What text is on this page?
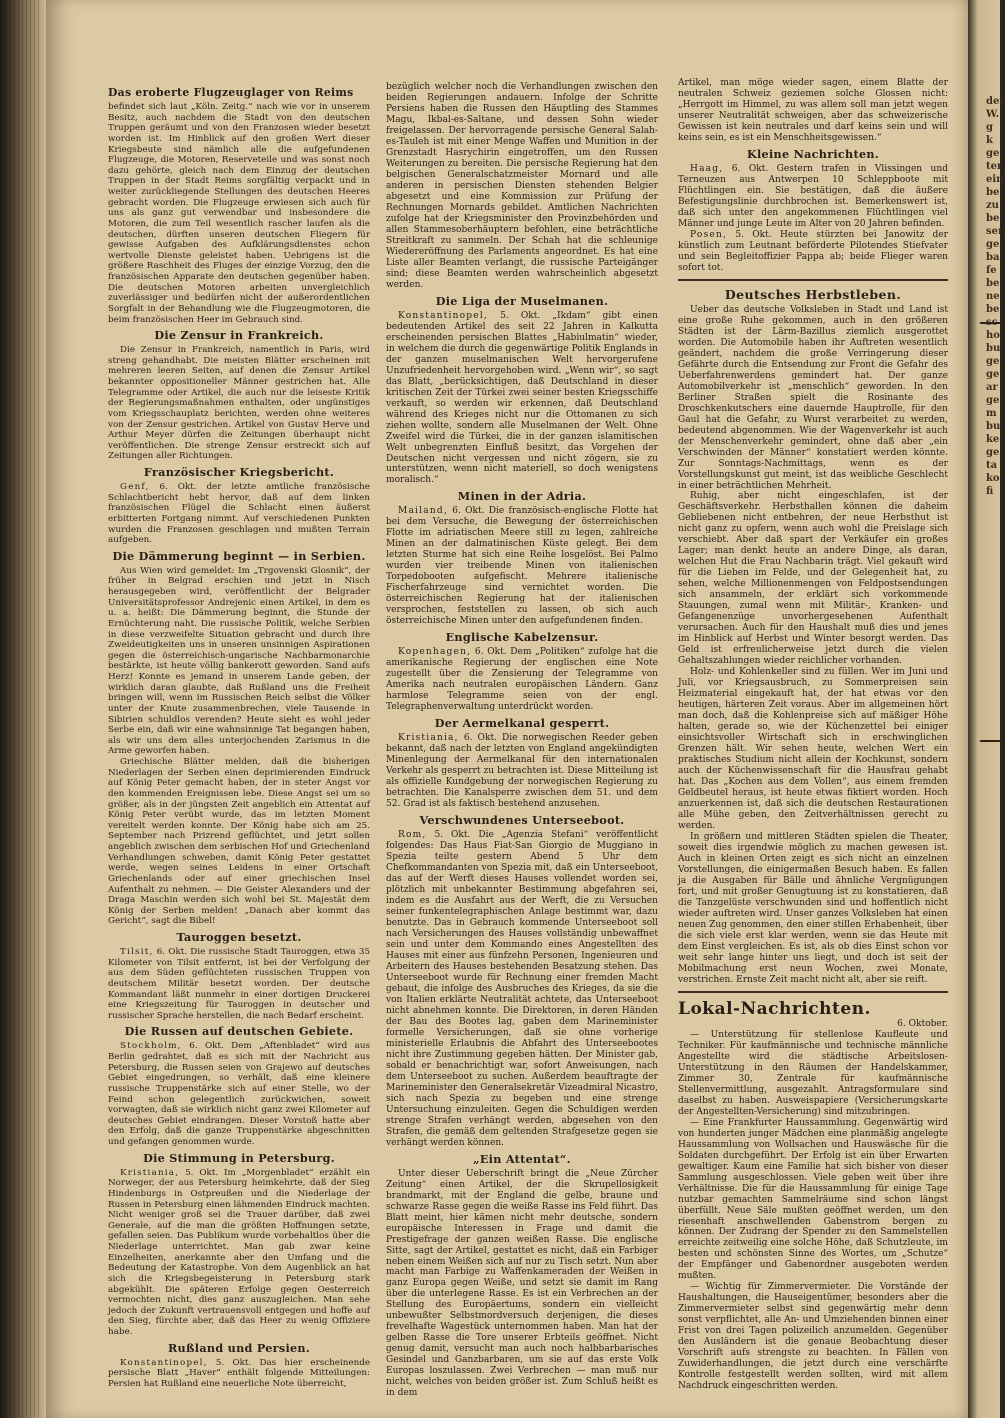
der W. g k ge ter ein be zu be ser ge ba fe be ne be ho bu ge ge ar ge m bu ke ge ta ko fi
Das eroberte Flugzeuglager von Reims

befindet sich laut „Köln. Zeitg.“ nach wie vor in unserem Besitz, auch nachdem die Stadt von den deutschen Truppen geräumt und von den Franzosen wieder besetzt worden ist. Im Hinblick auf den großen Wert dieser Kriegsbeute sind nämlich alle die aufgefundenen Flugzeuge, die Motoren, Reserveteile und was sonst noch dazu gehörte, gleich nach dem Einzug der deutschen Truppen in der Stadt Reims sorgfältig verpackt und in weiter zurückliegende Stellungen des deutschen Heeres gebracht worden. Die Flugzeuge erwiesen sich auch für uns als ganz gut verwendbar und insbesondere die Motoren, die zum Teil wesentlich rascher laufen als die deutschen, dürften unseren deutschen Fliegern für gewisse Aufgaben des Aufklärungsdienstes schon wertvolle Dienste geleistet haben. Uebrigens ist die größere Raschheit des Fluges der einzige Vorzug, den die französischen Apparate den deutschen gegenüber haben. Die deutschen Motoren arbeiten unvergleichlich zuverlässiger und bedürfen nicht der außerordentlichen Sorgfalt in der Behandlung wie die Flugzeugmotoren, die beim französischen Heer im Gebrauch sind.

Die Zensur in Frankreich.

Die Zensur in Frankreich, namentlich in Paris, wird streng gehandhabt. Die meisten Blätter erscheinen mit mehreren leeren Seiten, auf denen die Zensur Artikel bekannter oppositioneller Männer gestrichen hat. Alle Telegramme oder Artikel, die auch nur die leiseste Kritik der Regierungsmaßnahmen enthalten, oder ungünstiges vom Kriegsschauplatz berichten, werden ohne weiteres von der Zensur gestrichen. Artikel von Gustav Herve und Arthur Meyer dürfen die Zeitungen überhaupt nicht veröffentlichen. Die strenge Zensur erstreckt sich auf Zeitungen aller Richtungen.

Französischer Kriegsbericht.

Genf, 6. Okt. der letzte amtliche französische Schlachtbericht hebt hervor, daß auf dem linken französischen Flügel die Schlacht einen äußerst erbitterten Fortgang nimmt. Auf verschiedenen Punkten wurden die Franzosen geschlagen und mußten Terrain aufgeben.

Die Dämmerung beginnt — in Serbien.

Aus Wien wird gemeldet: Im „Trgovenski Glosnik“, der früher in Belgrad erschien und jetzt in Nisch herausgegeben wird, veröffentlicht der Belgrader Universitätsprofessor Andrejenic einen Artikel, in dem es u. a. heißt: Die Dämmerung beginnt, die Stunde der Ernüchterung naht. Die russische Politik, welche Serbien in diese verzweifelte Situation gebracht und durch ihre Zweideutigkeiten uns in unseren unsinnigen Aspirationen gegen die österreichisch-ungarische Nachbarmonarchie bestärkte, ist heute völlig bankerott geworden. Sand aufs Herz! Konnte es jemand in unserem Lande geben, der wirklich daran glaubte, daß Rußland uns die Freiheit bringen will, wenn im Russischen Reich selbst die Völker unter der Knute zusammenbrechen, viele Tausende in Sibirien schuldlos verenden? Heute sieht es wohl jeder Serbe ein, daß wir eine wahnsinnige Tat begangen haben, als wir uns dem alles unterjochenden Zarismus in die Arme geworfen haben.

Griechische Blätter melden, daß die bisherigen Niederlagen der Serben einen deprimierenden Eindruck auf König Peter gemacht haben, der in steter Angst vor den kommenden Ereignissen lebe. Diese Angst sei um so größer, als in der jüngsten Zeit angeblich ein Attentat auf König Peter verübt wurde, das im letzten Moment vereitelt werden konnte. Der König habe sich am 25. September nach Prizrend geflüchtet, und jetzt sollen angeblich zwischen dem serbischen Hof und Griechenland Verhandlungen schweben, damit König Peter gestattet werde, wegen seines Leidens in einer Ortschaft Griechenlands oder auf einer griechischen Insel Aufenthalt zu nehmen. — Die Geister Alexanders und der Draga Maschin werden sich wohl bei St. Majestät dem König der Serben melden! „Danach aber kommt das Gericht“, sagt die Bibel!

Tauroggen besetzt.

Tilsit, 6. Okt. Die russische Stadt Tauroggen, etwa 35 Kilometer von Tilsit entfernt, ist bei der Verfolgung der aus dem Süden geflüchteten russischen Truppen von deutschem Militär besetzt worden. Der deutsche Kommandant läßt nunmehr in einer dortigen Druckerei eine Kriegszeitung für Tauroggen in deutscher und russischer Sprache herstellen, die nach Bedarf erscheint.

Die Russen auf deutschen Gebiete.

Stockholm, 6. Okt. Dem „Aftenbladet“ wird aus Berlin gedrahtet, daß es sich mit der Nachricht aus Petersburg, die Russen seien von Grajewo auf deutsches Gebiet eingedrungen, so verhält, daß eine kleinere russische Truppenstärke sich auf einer Stelle, wo der Feind schon gelegentlich zurückwichen, soweit vorwagten, daß sie wirklich nicht ganz zwei Kilometer auf deutsches Gebiet eindrangen. Dieser Vorstoß hatte aber den Erfolg, daß die ganze Truppenstärke abgeschnitten und gefangen genommen wurde.

Die Stimmung in Petersburg.

Kristiania, 5. Okt. Im „Morgenbladet“ erzählt ein Norweger, der aus Petersburg heimkehrte, daß der Sieg Hindenburgs in Ostpreußen und die Niederlage der Russen in Petersburg einen lähmenden Eindruck machten. Nicht weniger groß sei die Trauer darüber, daß zwei Generale, auf die man die größten Hoffnungen setzte, gefallen seien. Das Publikum wurde vorbehaltlos über die Niederlage unterrichtet. Man gab zwar keine Einzelheiten, anerkannte aber den Umfang und die Bedeutung der Katastrophe. Von dem Augenblick an hat sich die Kriegsbegeisterung in Petersburg stark abgekühlt. Die späteren Erfolge gegen Oesterreich vermochten nicht, dies ganz auszugleichen. Man sehe jedoch der Zukunft vertrauensvoll entgegen und hoffe auf den Sieg, fürchte aber, daß das Heer zu wenig Offiziere habe.

Rußland und Persien.

Konstantinopel, 5. Okt. Das hier erscheinende persische Blatt „Haver“ enthält folgende Mitteilungen: Persien hat Rußland eine neuerliche Note überreicht,

bezüglich welcher noch die Verhandlungen zwischen den beiden Regierungen andauern. Infolge der Schritte Persiens haben die Russen den Häuptling des Stammes Magu, Ikbal-es-Saltane, und dessen Sohn wieder freigelassen. Der hervorragende persische General Salah-es-Tauleh ist mit einer Menge Waffen und Munition in der Grenzstadt Hasrychirin eingetroffen, um den Russen Weiterungen zu bereiten. Die persische Regierung hat den belgischen Generalschatzmeister Mornard und alle anderen in persischen Diensten stehenden Belgier abgesetzt und eine Kommission zur Prüfung der Rechnungen Mornards gebildet. Amtlichen Nachrichten zufolge hat der Kriegsminister den Provinzbehörden und allen Stammesoberhäuptern befohlen, eine beträchtliche Streitkraft zu sammeln. Der Schah hat die schleunige Wiedereröffnung des Parlaments angeordnet. Es hat eine Liste aller Beamten verlangt, die russische Parteigänger sind; diese Beamten werden wahrscheinlich abgesetzt werden.

Die Liga der Muselmanen.

Konstantinopel, 5. Okt. „Ikdam“ gibt einen bedeutenden Artikel des seit 22 Jahren in Kalkutta erscheinenden persischen Blattes „Habiulmatin“ wieder, in welchem die durch die gegenwärtige Politik Englands in der ganzen muselmanischen Welt hervorgerufene Unzufriedenheit hervorgehoben wird. „Wenn wir“, so sagt das Blatt, „berücksichtigen, daß Deutschland in dieser kritischen Zeit der Türkei zwei seiner besten Kriegsschiffe verkauft, so werden wir erkennen, daß Deutschland während des Krieges nicht nur die Ottomanen zu sich ziehen wollte, sondern alle Muselmanen der Welt. Ohne Zweifel wird die Türkei, die in der ganzen islamitischen Welt unbegrenzten Einfluß besitzt, das Vorgehen der Deutschen nicht vergessen und nicht zögern, sie zu unterstützen, wenn nicht materiell, so doch wenigstens moralisch.“

Minen in der Adria.

Mailand, 6. Okt. Die französisch-englische Flotte hat bei dem Versuche, die Bewegung der österreichischen Flotte im adriatischen Meere still zu legen, zahlreiche Minen an der dalmatinischen Küste gelegt. Bei dem letzten Sturme hat sich eine Reihe losgelöst. Bei Palmo wurden vier treibende Minen von italienischen Torpedobooten aufgefischt. Mehrere italienische Fischerfahrzeuge sind vernichtet worden. Die österreichischen Regierung hat der italienischen versprochen, feststellen zu lassen, ob sich auch österreichische Minen unter den aufgefundenen finden.

Englische Kabelzensur.

Kopenhagen, 6. Okt. Dem „Politiken“ zufolge hat die amerikanische Regierung der englischen eine Note zugestellt über die Zensierung der Telegramme von Amerika nach neutralen europäischen Ländern. Ganz harmlose Telegramme seien von der engl. Telegraphenverwaltung unterdrückt worden.

Der Aermelkanal gesperrt.

Kristiania, 6. Okt. Die norwegischen Reeder geben bekannt, daß nach der letzten von England angekündigten Minenlegung der Aermelkanal für den internationalen Verkehr als gesperrt zu betrachten ist. Diese Mitteilung ist als offizielle Kundgebung der norwegischen Regierung zu betrachten. Die Kanalsperre zwischen dem 51. und dem 52. Grad ist als faktisch bestehend anzusehen.

Verschwundenes Unterseeboot.

Rom, 5. Okt. Die „Agenzia Stefani“ veröffentlicht folgendes: Das Haus Fiat-San Giorgio de Muggiano in Spezia teilte gestern Abend 5 Uhr dem Chefkommandanten von Spezia mit, daß ein Unterseeboot, das auf der Werft dieses Hauses vollendet worden sei, plötzlich mit unbekannter Bestimmung abgefahren sei, indem es die Ausfahrt aus der Werft, die zu Versuchen seiner funkentelegraphischen Anlage bestimmt war, dazu benutzte. Das in Gebrauch kommende Unterseeboot soll nach Versicherungen des Hauses vollständig unbewaffnet sein und unter dem Kommando eines Angestellten des Hauses mit einer aus fünfzehn Personen, Ingenieuren und Arbeitern des Hauses bestehenden Besatzung stehen. Das Unterseeboot wurde für Rechnung einer fremden Macht gebaut, die infolge des Ausbruches des Krieges, da sie die von Italien erklärte Neutralität achtete, das Unterseeboot nicht abnehmen konnte. Die Direktoren, in deren Händen der Bau des Bootes lag, gaben dem Marineminister formelle Versicherungen, daß sie ohne vorherige ministerielle Erlaubnis die Abfahrt des Unterseebootes nicht ihre Zustimmung gegeben hätten. Der Minister gab, sobald er benachrichtigt war, sofort Anweisungen, nach dem Unterseeboot zu suchen. Außerdem beauftragte der Marineminister den Generalsekretär Vizeadmiral Nicastro, sich nach Spezia zu begeben und eine strenge Untersuchung einzuleiten. Gegen die Schuldigen werden strenge Strafen verhängt werden, abgesehen von den Strafen, die gemäß dem geltenden Strafgesetze gegen sie verhängt werden können.

„Ein Attentat“.

Unter dieser Ueberschrift bringt die „Neue Zürcher Zeitung“ einen Artikel, der die Skrupellosigkeit brandmarkt, mit der England die gelbe, braune und schwarze Rasse gegen die weiße Rasse ins Feld führt. Das Blatt meint, hier kämen nicht mehr deutsche, sondern europäische Interessen in Frage und damit die Prestigefrage der ganzen weißen Rasse. Die englische Sitte, sagt der Artikel, gestattet es nicht, daß ein Farbiger neben einem Weißen sich auf nur zu Tisch setzt. Nun aber macht man Farbige zu Waffenkameraden der Weißen in ganz Europa gegen Weiße, und setzt sie damit im Rang über die unterlegene Rasse. Es ist ein Verbrechen an der Stellung des Europäertums, sondern ein vielleicht unbewußter Selbstmordversuch derjenigen, die dieses frevelhafte Wagestück unternommen haben. Man hat der gelben Rasse die Tore unserer Erbteils geöffnet. Nicht genug damit, versucht man auch noch halbbarbarisches Gesindel und Ganzbarbaren, um sie auf das erste Volk Europas loszulassen. Zwei Verbrechen — man muß nur nicht, welches von beiden größer ist. Zum Schluß heißt es in dem

Artikel, man möge wieder sagen, einem Blatte der neutralen Schweiz geziemen solche Glossen nicht: „Herrgott im Himmel, zu was allem soll man jetzt wegen unserer Neutralität schweigen, aber das schweizerische Gewissen ist kein neutrales und darf keins sein und will keins sein, es ist ein Menschheitsgewissen.“

Kleine Nachrichten.

Haag, 6. Okt. Gestern trafen in Vlissingen und Terneuzen aus Antwerpen 10 Schleppboote mit Flüchtlingen ein. Sie bestätigen, daß die äußere Befestigungslinie durchbrochen ist. Bemerkenswert ist, daß sich unter den angekommenen Flüchtlingen viel Männer und junge Leute im Alter von 20 Jahren befinden.

Posen, 5. Okt. Heute stürzten bei Janowitz der künstlich zum Leutnant beförderte Pilotendes Stiefvater und sein Begleitoffizier Pappa ab; beide Flieger waren sofort tot.

Deutsches Herbstleben.

Ueber das deutsche Volksleben in Stadt und Land ist eine große Ruhe gekommen, auch in den größeren Städten ist der Lärm-Bazillus ziemlich ausgerottet worden. Die Automobile haben ihr Auftreten wesentlich geändert, nachdem die große Verringerung dieser Gefährte durch die Entsendung zur Front die Gefahr des Ueberfahrenwerdens gemindert hat. Der ganze Automobilverkehr ist „menschlich“ geworden. In den Berliner Straßen spielt die Rosinante des Droschkenkutschers eine dauernde Hauptrolle, für den Gaul hat die Gefahr, zu Wurst verarbeitet zu werden, bedeutend abgenommen. Wie der Wagenverkehr ist auch der Menschenverkehr gemindert, ohne daß aber „ein Verschwinden der Männer“ konstatiert werden könnte. Zur Sonntags-Nachmittags, wenn es der Vorstellungskunst gut meint, ist das weibliche Geschlecht in einer beträchtlichen Mehrheit.

Ruhig, aber nicht eingeschlafen, ist der Geschäftsverkehr. Herbsthallen können die daheim Gebliebenen nicht entbehren, der neue Herbsthut ist nicht ganz zu opfern, wenn auch wohl die Preislage sich verschiebt. Aber daß spart der Verkäufer ein großes Lager; man denkt heute an andere Dinge, als daran, welchen Hut die Frau Nachbarin trägt. Viel gekauft wird für die Lieben im Felde, und der Gelegenheit hat, zu sehen, welche Millionenmengen von Feldpostsendungen sich ansammeln, der erklärt sich vorkommende Stauungen, zumal wenn mit Militär-, Kranken- und Gefangenenzüge unvorhergesehenen Aufenthalt verursachen. Auch für den Haushalt muß dies und jenes im Hinblick auf Herbst und Winter besorgt werden. Das Geld ist erfreulicherweise jetzt durch die vielen Gehaltszahlungen wieder reichlicher vorhanden.

Holz- und Kohlenkeller sind zu füllen. Wer im Juni und Juli, vor Kriegsausbruch, zu Sommerpreisen sein Heizmaterial eingekauft hat, der hat etwas vor den heutigen, härteren Zeit voraus. Aber im allgemeinen hört man doch, daß die Kohlenpreise sich auf mäßiger Höhe halten, gerade so, wie der Küchenzettel bei einiger einsichtsvoller Wirtschaft sich in erschwinglichen Grenzen hält. Wir sehen heute, welchen Wert ein praktisches Studium nicht allein der Kochkunst, sondern auch der Küchenwissenschaft für die Hausfrau gehabt hat. Das „Kochen aus dem Vollen“, aus einem fremden Geldbeutel heraus, ist heute etwas fiktiert worden. Hoch anzuerkennen ist, daß sich die deutschen Restaurationen alle Mühe geben, den Zeitverhältnissen gerecht zu werden.

In größern und mittleren Städten spielen die Theater, soweit dies irgendwie möglich zu machen gewesen ist. Auch in kleinen Orten zeigt es sich nicht an einzelnen Vorstellungen, die einigermaßen Besuch haben. Es fallen ja die Ausgaben für Bälle und ähnliche Vergnügungen fort, und mit großer Genugtuung ist zu konstatieren, daß die Tanzgelüste verschwunden sind und hoffentlich nicht wieder auftreten wird. Unser ganzes Volksleben hat einen neuen Zug genommen, den einer stillen Erhabenheit, über die sich viele erst klar werden, wenn sie das Heute mit dem Einst vergleichen. Es ist, als ob dies Einst schon vor weit sehr lange hinter uns liegt, und doch ist seit der Mobilmachung erst neun Wochen, zwei Monate, verstrichen. Ernste Zeit macht nicht alt, aber sie reift.

Lokal-Nachrichten.

6. Oktober.

— Unterstützung für stellenlose Kaufleute und Techniker. Für kaufmännische und technische männliche Angestellte wird die städtische Arbeitslosen-Unterstützung in den Räumen der Handelskammer, Zimmer 30, Zentrale für kaufmännische Stellenvermittlung, ausgezahlt. Antragsformulare sind daselbst zu haben. Ausweispapiere (Versicherungskarte der Angestellten-Versicherung) sind mitzubringen.

— Eine Frankfurter Haussammlung. Gegenwärtig wird von hunderten junger Mädchen eine planmäßig angelegte Haussammlung von Wollsachen und Hauswäsche für die Soldaten durchgeführt. Der Erfolg ist ein über Erwarten gewaltiger. Kaum eine Familie hat sich bisher von dieser Sammlung ausgeschlossen. Viele geben weit über ihre Verhältnisse. Die für die Haussammlung für einige Tage nutzbar gemachten Sammelräume sind schon längst überfüllt. Neue Säle mußten geöffnet werden, um den riesenhaft anschwellenden Gabenstrom bergen zu können. Der Zudrang der Spender zu den Sammelstellen erreichte zeitweilig eine solche Höhe, daß Schutzleute, im besten und schönsten Sinne des Wortes, um „Schutze“ der Empfänger und Gabenordner ausgeboten werden mußten.

— Wichtig für Zimmervermieter. Die Vorstände der Haushaltungen, die Hauseigentümer, besonders aber die Zimmervermieter selbst sind gegenwärtig mehr denn sonst verpflichtet, alle An- und Umziehenden binnen einer Frist von drei Tagen polizeilich anzumelden. Gegenüber den Ausländern ist die genaue Beobachtung dieser Vorschrift aufs strengste zu beachten. In Fällen von Zuwiderhandlungen, die jetzt durch eine verschärfte Kontrolle festgestellt werden sollten, wird mit allem Nachdruck eingeschritten werden.
